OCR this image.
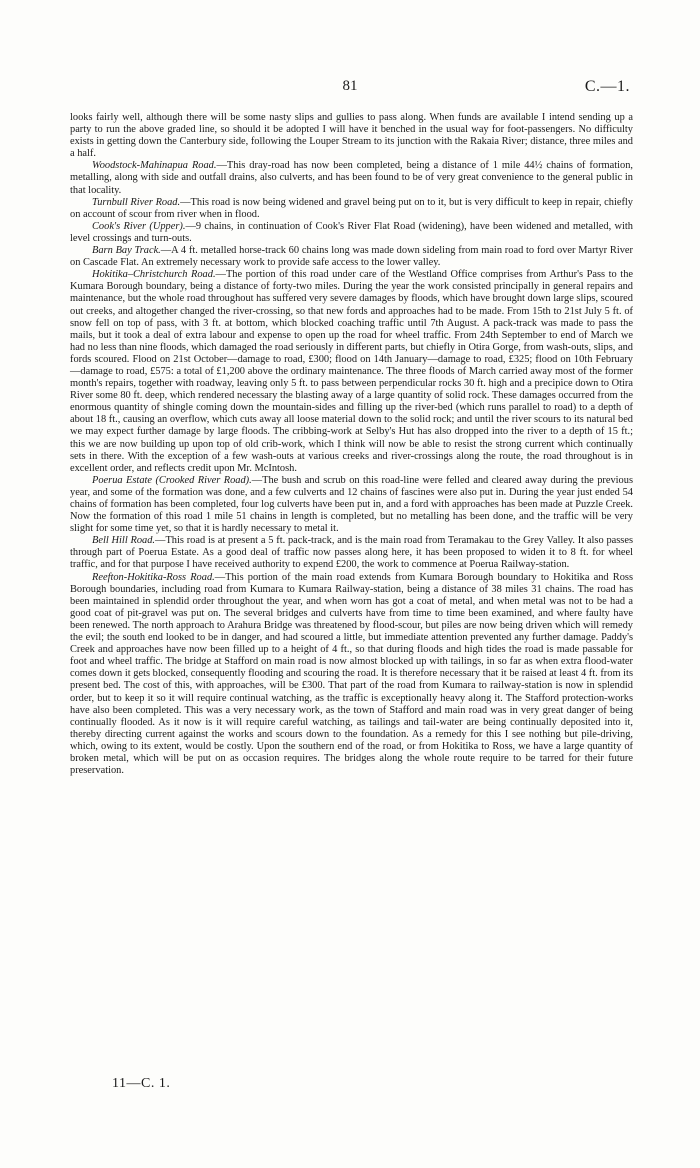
81	C.—1.

looks fairly well, although there will be some nasty slips and gullies to pass along. When funds are available I intend sending up a party to run the above graded line, so should it be adopted I will have it benched in the usual way for foot-passengers. No difficulty exists in getting down the Canterbury side, following the Louper Stream to its junction with the Rakaia River; distance, three miles and a half.

Woodstock-Mahinapua Road.—This dray-road has now been completed, being a distance of 1 mile 44½ chains of formation, metalling, along with side and outfall drains, also culverts, and has been found to be of very great convenience to the general public in that locality.

Turnbull River Road.—This road is now being widened and gravel being put on to it, but is very difficult to keep in repair, chiefly on account of scour from river when in flood.

Cook's River (Upper).—9 chains, in continuation of Cook's River Flat Road (widening), have been widened and metalled, with level crossings and turn-outs.

Barn Bay Track.—A 4 ft. metalled horse-track 60 chains long was made down sideling from main road to ford over Martyr River on Cascade Flat. An extremely necessary work to provide safe access to the lower valley.

Hokitika–Christchurch Road.—The portion of this road under care of the Westland Office comprises from Arthur's Pass to the Kumara Borough boundary, being a distance of forty-two miles. During the year the work consisted principally in general repairs and maintenance, but the whole road throughout has suffered very severe damages by floods, which have brought down large slips, scoured out creeks, and altogether changed the river-crossing, so that new fords and approaches had to be made. From 15th to 21st July 5 ft. of snow fell on top of pass, with 3 ft. at bottom, which blocked coaching traffic until 7th August. A pack-track was made to pass the mails, but it took a deal of extra labour and expense to open up the road for wheel traffic. From 24th September to end of March we had no less than nine floods, which damaged the road seriously in different parts, but chiefly in Otira Gorge, from wash-outs, slips, and fords scoured. Flood on 21st October—damage to road, £300; flood on 14th January—damage to road, £325; flood on 10th February—damage to road, £575: a total of £1,200 above the ordinary maintenance. The three floods of March carried away most of the former month's repairs, together with roadway, leaving only 5 ft. to pass between perpendicular rocks 30 ft. high and a precipice down to Otira River some 80 ft. deep, which rendered necessary the blasting away of a large quantity of solid rock. These damages occurred from the enormous quantity of shingle coming down the mountain-sides and filling up the river-bed (which runs parallel to road) to a depth of about 18 ft., causing an overflow, which cuts away all loose material down to the solid rock; and until the river scours to its natural bed we may expect further damage by large floods. The cribbing-work at Selby's Hut has also dropped into the river to a depth of 15 ft.; this we are now building up upon top of old crib-work, which I think will now be able to resist the strong current which continually sets in there. With the exception of a few wash-outs at various creeks and river-crossings along the route, the road throughout is in excellent order, and reflects credit upon Mr. McIntosh.

Poerua Estate (Crooked River Road).—The bush and scrub on this road-line were felled and cleared away during the previous year, and some of the formation was done, and a few culverts and 12 chains of fascines were also put in. During the year just ended 54 chains of formation has been completed, four log culverts have been put in, and a ford with approaches has been made at Puzzle Creek. Now the formation of this road 1 mile 51 chains in length is completed, but no metalling has been done, and the traffic will be very slight for some time yet, so that it is hardly necessary to metal it.

Bell Hill Road.—This road is at present a 5 ft. pack-track, and is the main road from Teramakau to the Grey Valley. It also passes through part of Poerua Estate. As a good deal of traffic now passes along here, it has been proposed to widen it to 8 ft. for wheel traffic, and for that purpose I have received authority to expend £200, the work to commence at Poerua Railway-station.

Reefton-Hokitika-Ross Road.—This portion of the main road extends from Kumara Borough boundary to Hokitika and Ross Borough boundaries, including road from Kumara to Kumara Railway-station, being a distance of 38 miles 31 chains. The road has been maintained in splendid order throughout the year, and when worn has got a coat of metal, and when metal was not to be had a good coat of pit-gravel was put on. The several bridges and culverts have from time to time been examined, and where faulty have been renewed. The north approach to Arahura Bridge was threatened by flood-scour, but piles are now being driven which will remedy the evil; the south end looked to be in danger, and had scoured a little, but immediate attention prevented any further damage. Paddy's Creek and approaches have now been filled up to a height of 4 ft., so that during floods and high tides the road is made passable for foot and wheel traffic. The bridge at Stafford on main road is now almost blocked up with tailings, in so far as when extra flood-water comes down it gets blocked, consequently flooding and scouring the road. It is therefore necessary that it be raised at least 4 ft. from its present bed. The cost of this, with approaches, will be £300. That part of the road from Kumara to railway-station is now in splendid order, but to keep it so it will require continual watching, as the traffic is exceptionally heavy along it. The Stafford protection-works have also been completed. This was a very necessary work, as the town of Stafford and main road was in very great danger of being continually flooded. As it now is it will require careful watching, as tailings and tail-water are being continually deposited into it, thereby directing current against the works and scours down to the foundation. As a remedy for this I see nothing but pile-driving, which, owing to its extent, would be costly. Upon the southern end of the road, or from Hokitika to Ross, we have a large quantity of broken metal, which will be put on as occasion requires. The bridges along the whole route require to be tarred for their future preservation.

11—C. 1.
